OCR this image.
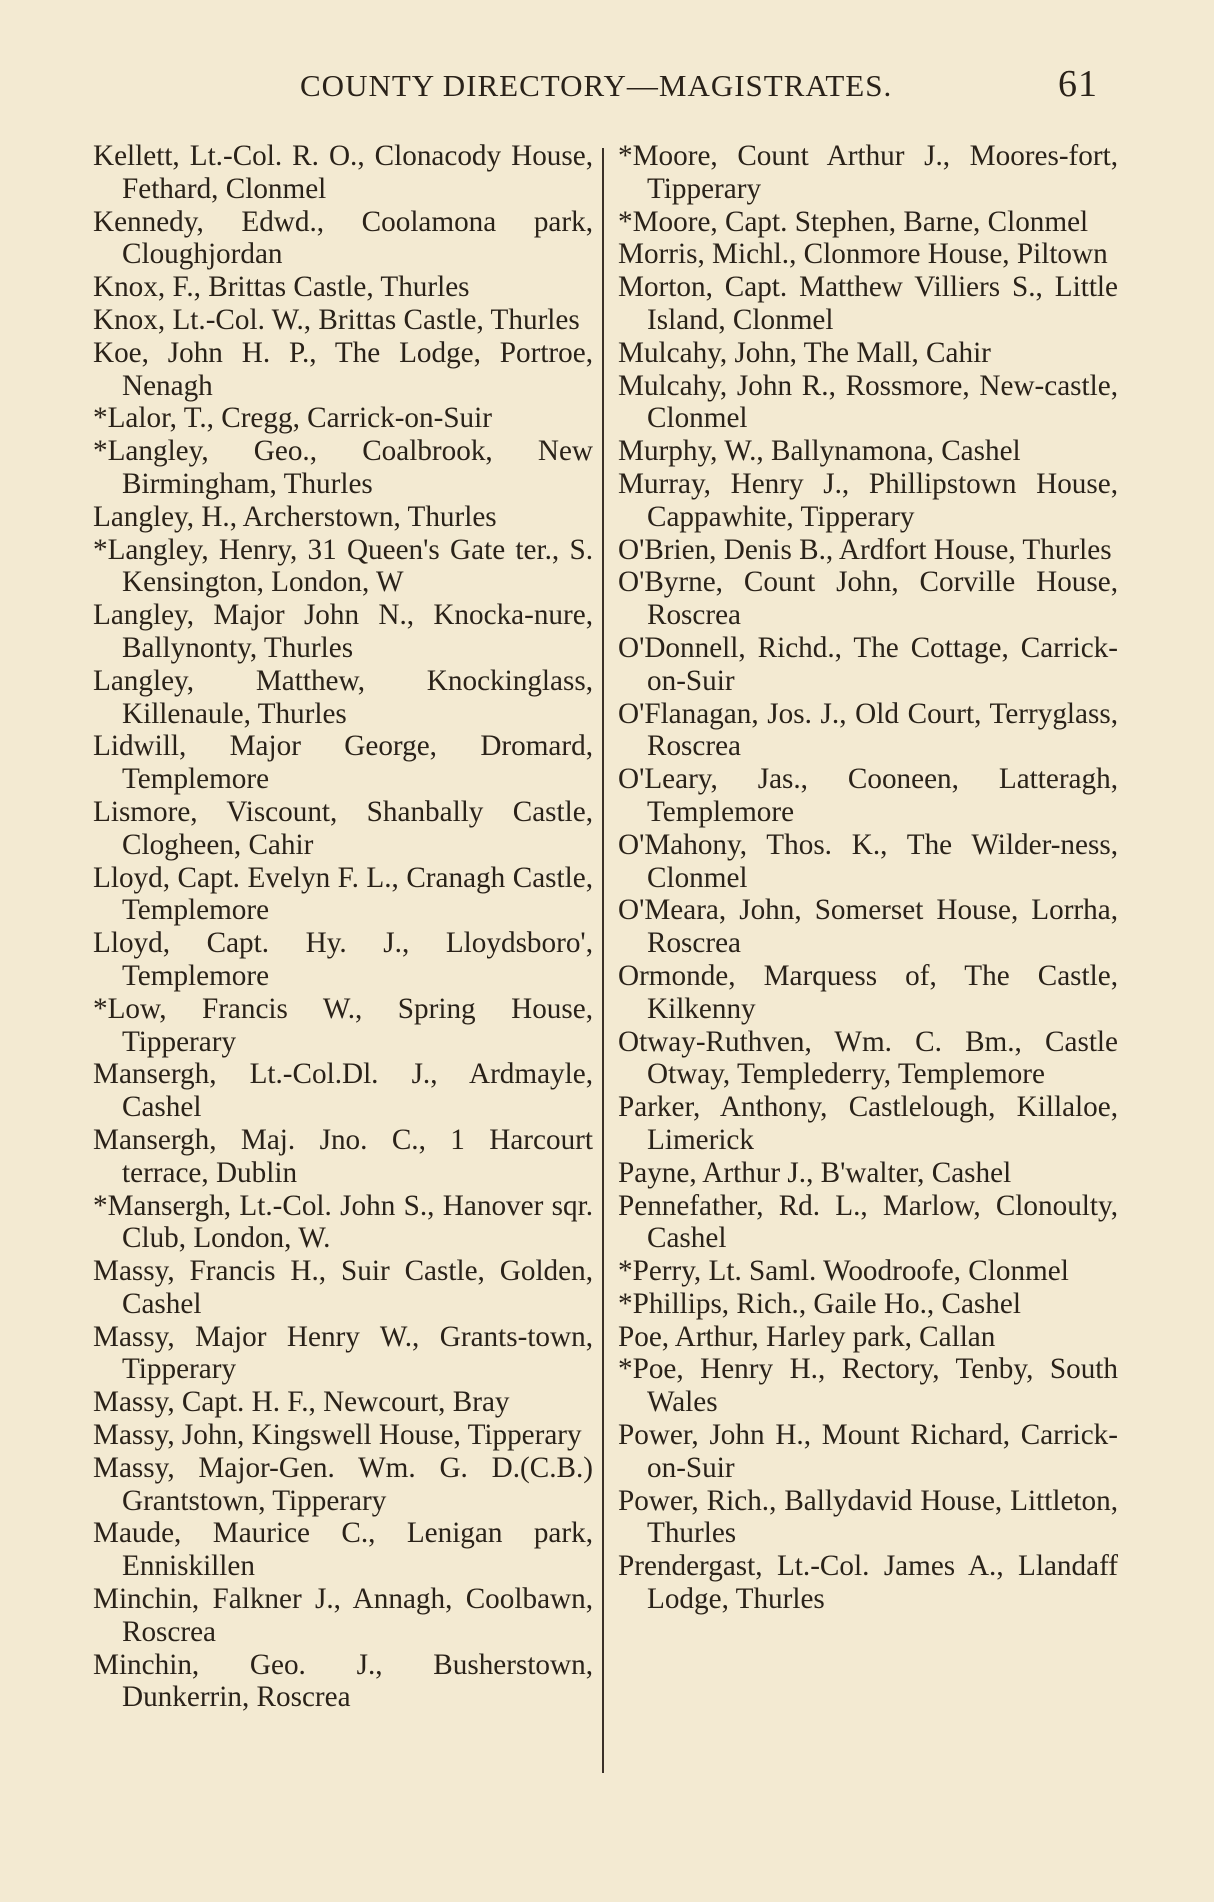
COUNTY DIRECTORY—MAGISTRATES.	61
Kellett, Lt.-Col. R. O., Clonacody House, Fethard, Clonmel
Kennedy, Edwd., Coolamona park, Cloughjordan
Knox, F., Brittas Castle, Thurles
Knox, Lt.-Col. W., Brittas Castle, Thurles
Koe, John H. P., The Lodge, Portroe, Nenagh
*Lalor, T., Cregg, Carrick-on-Suir
*Langley, Geo., Coalbrook, New Birmingham, Thurles
Langley, H., Archerstown, Thurles
*Langley, Henry, 31 Queen's Gate ter., S. Kensington, London, W
Langley, Major John N., Knocka-nure, Ballynonty, Thurles
Langley, Matthew, Knockinglass, Killenaule, Thurles
Lidwill, Major George, Dromard, Templemore
Lismore, Viscount, Shanbally Castle, Clogheen, Cahir
Lloyd, Capt. Evelyn F. L., Cranagh Castle, Templemore
Lloyd, Capt. Hy. J., Lloydsboro', Templemore
*Low, Francis W., Spring House, Tipperary
Mansergh, Lt.-Col.Dl. J., Ardmayle, Cashel
Mansergh, Maj. Jno. C., 1 Harcourt terrace, Dublin
*Mansergh, Lt.-Col. John S., Hanover sqr. Club, London, W.
Massy, Francis H., Suir Castle, Golden, Cashel
Massy, Major Henry W., Grants-town, Tipperary
Massy, Capt. H. F., Newcourt, Bray
Massy, John, Kingswell House, Tipperary
Massy, Major-Gen. Wm. G. D.(C.B.) Grantstown, Tipperary
Maude, Maurice C., Lenigan park, Enniskillen
Minchin, Falkner J., Annagh, Coolbawn, Roscrea
Minchin, Geo. J., Busherstown, Dunkerrin, Roscrea
*Moore, Count Arthur J., Moores-fort, Tipperary
*Moore, Capt. Stephen, Barne, Clonmel
Morris, Michl., Clonmore House, Piltown
Morton, Capt. Matthew Villiers S., Little Island, Clonmel
Mulcahy, John, The Mall, Cahir
Mulcahy, John R., Rossmore, New-castle, Clonmel
Murphy, W., Ballynamona, Cashel
Murray, Henry J., Phillipstown House, Cappawhite, Tipperary
O'Brien, Denis B., Ardfort House, Thurles
O'Byrne, Count John, Corville House, Roscrea
O'Donnell, Richd., The Cottage, Carrick-on-Suir
O'Flanagan, Jos. J., Old Court, Terryglass, Roscrea
O'Leary, Jas., Cooneen, Latteragh, Templemore
O'Mahony, Thos. K., The Wilder-ness, Clonmel
O'Meara, John, Somerset House, Lorrha, Roscrea
Ormonde, Marquess of, The Castle, Kilkenny
Otway-Ruthven, Wm. C. Bm., Castle Otway, Templederry, Templemore
Parker, Anthony, Castlelough, Killaloe, Limerick
Payne, Arthur J., B'walter, Cashel
Pennefather, Rd. L., Marlow, Clonoulty, Cashel
*Perry, Lt. Saml. Woodroofe, Clonmel
*Phillips, Rich., Gaile Ho., Cashel
Poe, Arthur, Harley park, Callan
*Poe, Henry H., Rectory, Tenby, South Wales
Power, John H., Mount Richard, Carrick-on-Suir
Power, Rich., Ballydavid House, Littleton, Thurles
Prendergast, Lt.-Col. James A., Llandaff Lodge, Thurles
